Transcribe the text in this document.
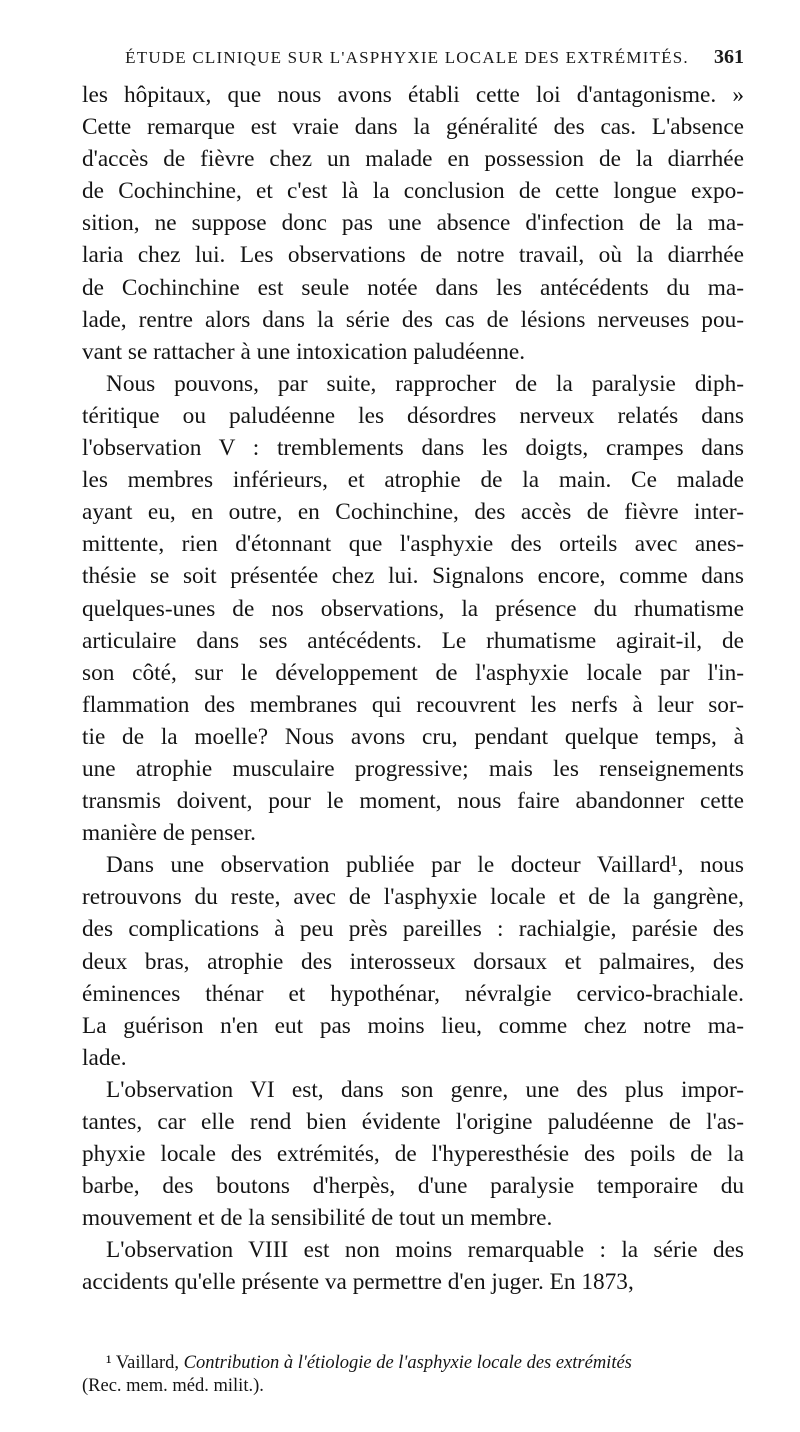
ÉTUDE CLINIQUE SUR L'ASPHYXIE LOCALE DES EXTRÉMITÉS.	361

les hôpitaux, que nous avons établi cette loi d'antagonisme. »
Cette remarque est vraie dans la généralité des cas. L'absence
d'accès de fièvre chez un malade en possession de la diarrhée
de Cochinchine, et c'est là la conclusion de cette longue expo-
sition, ne suppose donc pas une absence d'infection de la ma-
laria chez lui. Les observations de notre travail, où la diarrhée
de Cochinchine est seule notée dans les antécédents du ma-
lade, rentre alors dans la série des cas de lésions nerveuses pou-
vant se rattacher à une intoxication paludéenne.

Nous pouvons, par suite, rapprocher de la paralysie diph-
téritique ou paludéenne les désordres nerveux relatés dans
l'observation V : tremblements dans les doigts, crampes dans
les membres inférieurs, et atrophie de la main. Ce malade
ayant eu, en outre, en Cochinchine, des accès de fièvre inter-
mittente, rien d'étonnant que l'asphyxie des orteils avec anes-
thésie se soit présentée chez lui. Signalons encore, comme dans
quelques-unes de nos observations, la présence du rhumatisme
articulaire dans ses antécédents. Le rhumatisme agirait-il, de
son côté, sur le développement de l'asphyxie locale par l'in-
flammation des membranes qui recouvrent les nerfs à leur sor-
tie de la moelle? Nous avons cru, pendant quelque temps, à
une atrophie musculaire progressive; mais les renseignements
transmis doivent, pour le moment, nous faire abandonner cette
manière de penser.

Dans une observation publiée par le docteur Vaillard¹, nous
retrouvons du reste, avec de l'asphyxie locale et de la gangrène,
des complications à peu près pareilles : rachialgie, parésie des
deux bras, atrophie des interosseux dorsaux et palmaires, des
éminences thénar et hypothénar, névralgie cervico-brachiale.
La guérison n'en eut pas moins lieu, comme chez notre ma-
lade.

L'observation VI est, dans son genre, une des plus impor-
tantes, car elle rend bien évidente l'origine paludéenne de l'as-
phyxie locale des extrémités, de l'hyperesthésie des poils de la
barbe, des boutons d'herpès, d'une paralysie temporaire du
mouvement et de la sensibilité de tout un membre.

L'observation VIII est non moins remarquable : la série des
accidents qu'elle présente va permettre d'en juger. En 1873,

¹ Vaillard, Contribution à l'étiologie de l'asphyxie locale des extrémités
(Rec. mem. méd. milit.).
